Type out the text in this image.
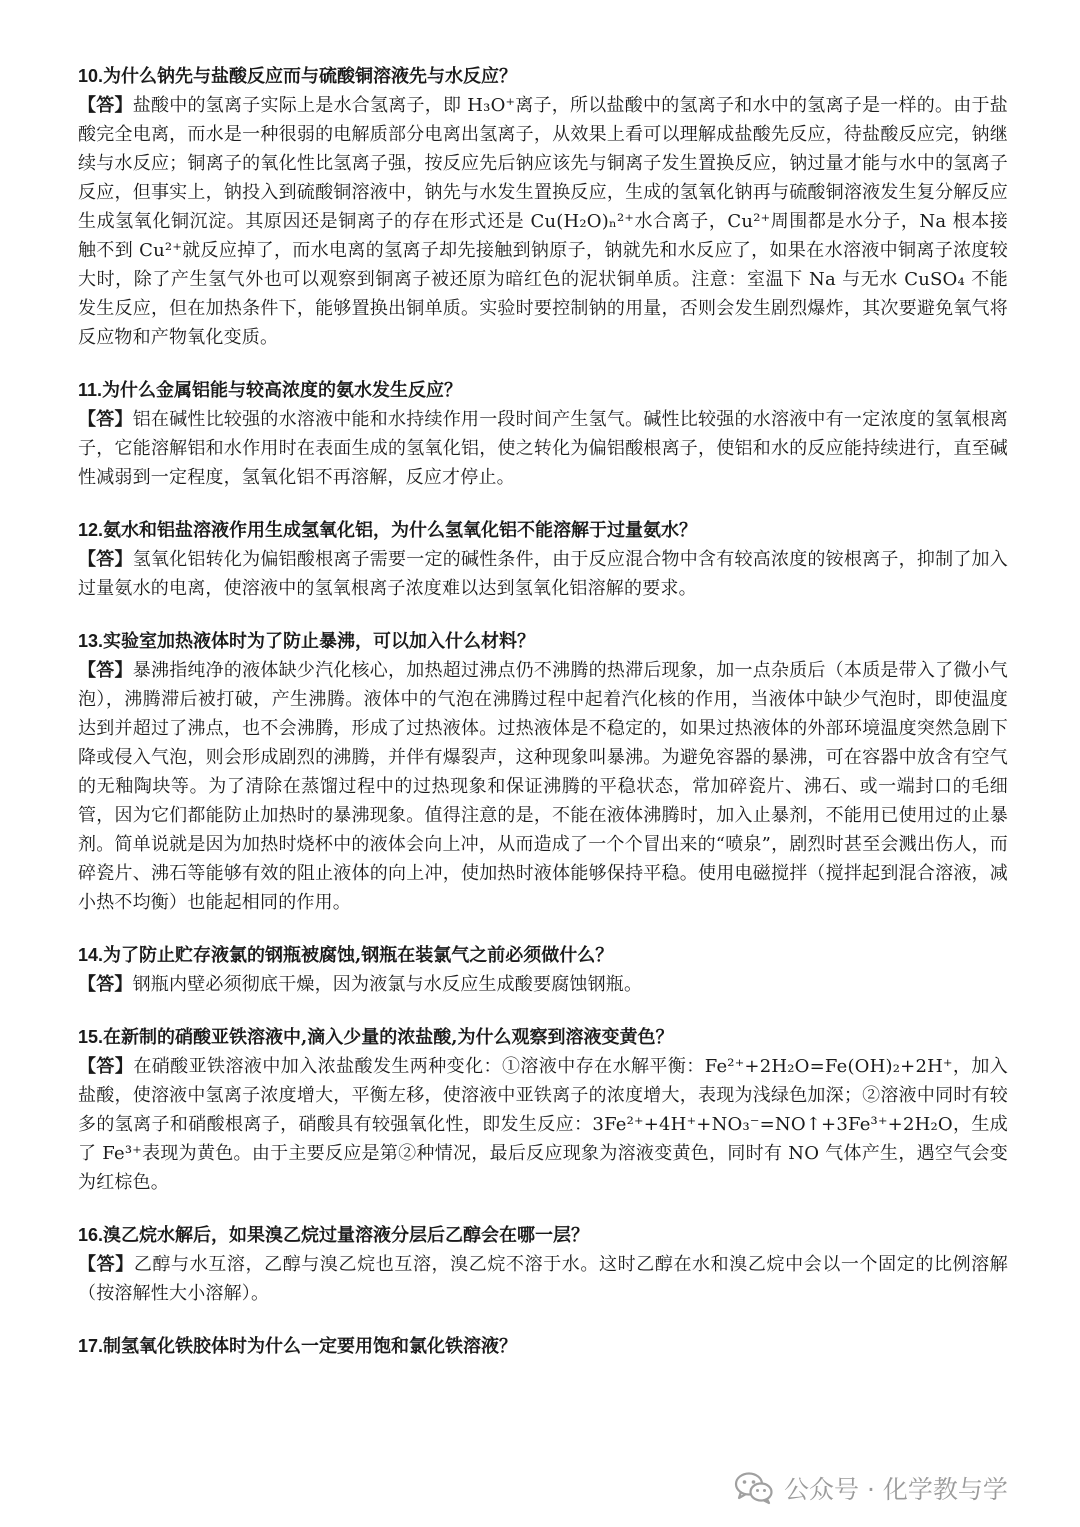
10.为什么钠先与盐酸反应而与硫酸铜溶液先与水反应？

【答】盐酸中的氢离子实际上是水合氢离子，即 H₃O⁺离子，所以盐酸中的氢离子和水中的氢离子是一样的。由于盐酸完全电离，而水是一种很弱的电解质部分电离出氢离子，从效果上看可以理解成盐酸先反应，待盐酸反应完，钠继续与水反应；铜离子的氧化性比氢离子强，按反应先后钠应该先与铜离子发生置换反应，钠过量才能与水中的氢离子反应，但事实上，钠投入到硫酸铜溶液中，钠先与水发生置换反应，生成的氢氧化钠再与硫酸铜溶液发生复分解反应生成氢氧化铜沉淀。其原因还是铜离子的存在形式还是 Cu(H₂O)ₙ²⁺水合离子，Cu²⁺周围都是水分子，Na 根本接触不到 Cu²⁺就反应掉了，而水电离的氢离子却先接触到钠原子，钠就先和水反应了，如果在水溶液中铜离子浓度较大时，除了产生氢气外也可以观察到铜离子被还原为暗红色的泥状铜单质。注意：室温下 Na 与无水 CuSO₄ 不能发生反应，但在加热条件下，能够置换出铜单质。实验时要控制钠的用量，否则会发生剧烈爆炸，其次要避免氧气将反应物和产物氧化变质。

11.为什么金属铝能与较高浓度的氨水发生反应？

【答】铝在碱性比较强的水溶液中能和水持续作用一段时间产生氢气。碱性比较强的水溶液中有一定浓度的氢氧根离子，它能溶解铝和水作用时在表面生成的氢氧化铝，使之转化为偏铝酸根离子，使铝和水的反应能持续进行，直至碱性减弱到一定程度，氢氧化铝不再溶解，反应才停止。

12.氨水和铝盐溶液作用生成氢氧化铝，为什么氢氧化铝不能溶解于过量氨水？

【答】氢氧化铝转化为偏铝酸根离子需要一定的碱性条件，由于反应混合物中含有较高浓度的铵根离子，抑制了加入过量氨水的电离，使溶液中的氢氧根离子浓度难以达到氢氧化铝溶解的要求。

13.实验室加热液体时为了防止暴沸，可以加入什么材料？

【答】暴沸指纯净的液体缺少汽化核心，加热超过沸点仍不沸腾的热滞后现象，加一点杂质后（本质是带入了微小气泡），沸腾滞后被打破，产生沸腾。液体中的气泡在沸腾过程中起着汽化核的作用，当液体中缺少气泡时，即使温度达到并超过了沸点，也不会沸腾，形成了过热液体。过热液体是不稳定的，如果过热液体的外部环境温度突然急剧下降或侵入气泡，则会形成剧烈的沸腾，并伴有爆裂声，这种现象叫暴沸。为避免容器的暴沸，可在容器中放含有空气的无釉陶块等。为了清除在蒸馏过程中的过热现象和保证沸腾的平稳状态，常加碎瓷片、沸石、或一端封口的毛细管，因为它们都能防止加热时的暴沸现象。值得注意的是，不能在液体沸腾时，加入止暴剂，不能用已使用过的止暴剂。简单说就是因为加热时烧杯中的液体会向上冲，从而造成了一个个冒出来的“喷泉”，剧烈时甚至会溅出伤人，而碎瓷片、沸石等能够有效的阻止液体的向上冲，使加热时液体能够保持平稳。使用电磁搅拌（搅拌起到混合溶液，减小热不均衡）也能起相同的作用。

14.为了防止贮存液氯的钢瓶被腐蚀,钢瓶在装氯气之前必须做什么？

【答】钢瓶内壁必须彻底干燥，因为液氯与水反应生成酸要腐蚀钢瓶。

15.在新制的硝酸亚铁溶液中,滴入少量的浓盐酸,为什么观察到溶液变黄色？

【答】在硝酸亚铁溶液中加入浓盐酸发生两种变化：①溶液中存在水解平衡：Fe²⁺+2H₂O=Fe(OH)₂+2H⁺，加入盐酸，使溶液中氢离子浓度增大，平衡左移，使溶液中亚铁离子的浓度增大，表现为浅绿色加深；②溶液中同时有较多的氢离子和硝酸根离子，硝酸具有较强氧化性，即发生反应：3Fe²⁺+4H⁺+NO₃⁻=NO↑+3Fe³⁺+2H₂O，生成了 Fe³⁺表现为黄色。由于主要反应是第②种情况，最后反应现象为溶液变黄色，同时有 NO 气体产生，遇空气会变为红棕色。

16.溴乙烷水解后，如果溴乙烷过量溶液分层后乙醇会在哪一层？

【答】乙醇与水互溶，乙醇与溴乙烷也互溶，溴乙烷不溶于水。这时乙醇在水和溴乙烷中会以一个固定的比例溶解（按溶解性大小溶解）。

17.制氢氧化铁胶体时为什么一定要用饱和氯化铁溶液？

公众号 · 化学教与学
